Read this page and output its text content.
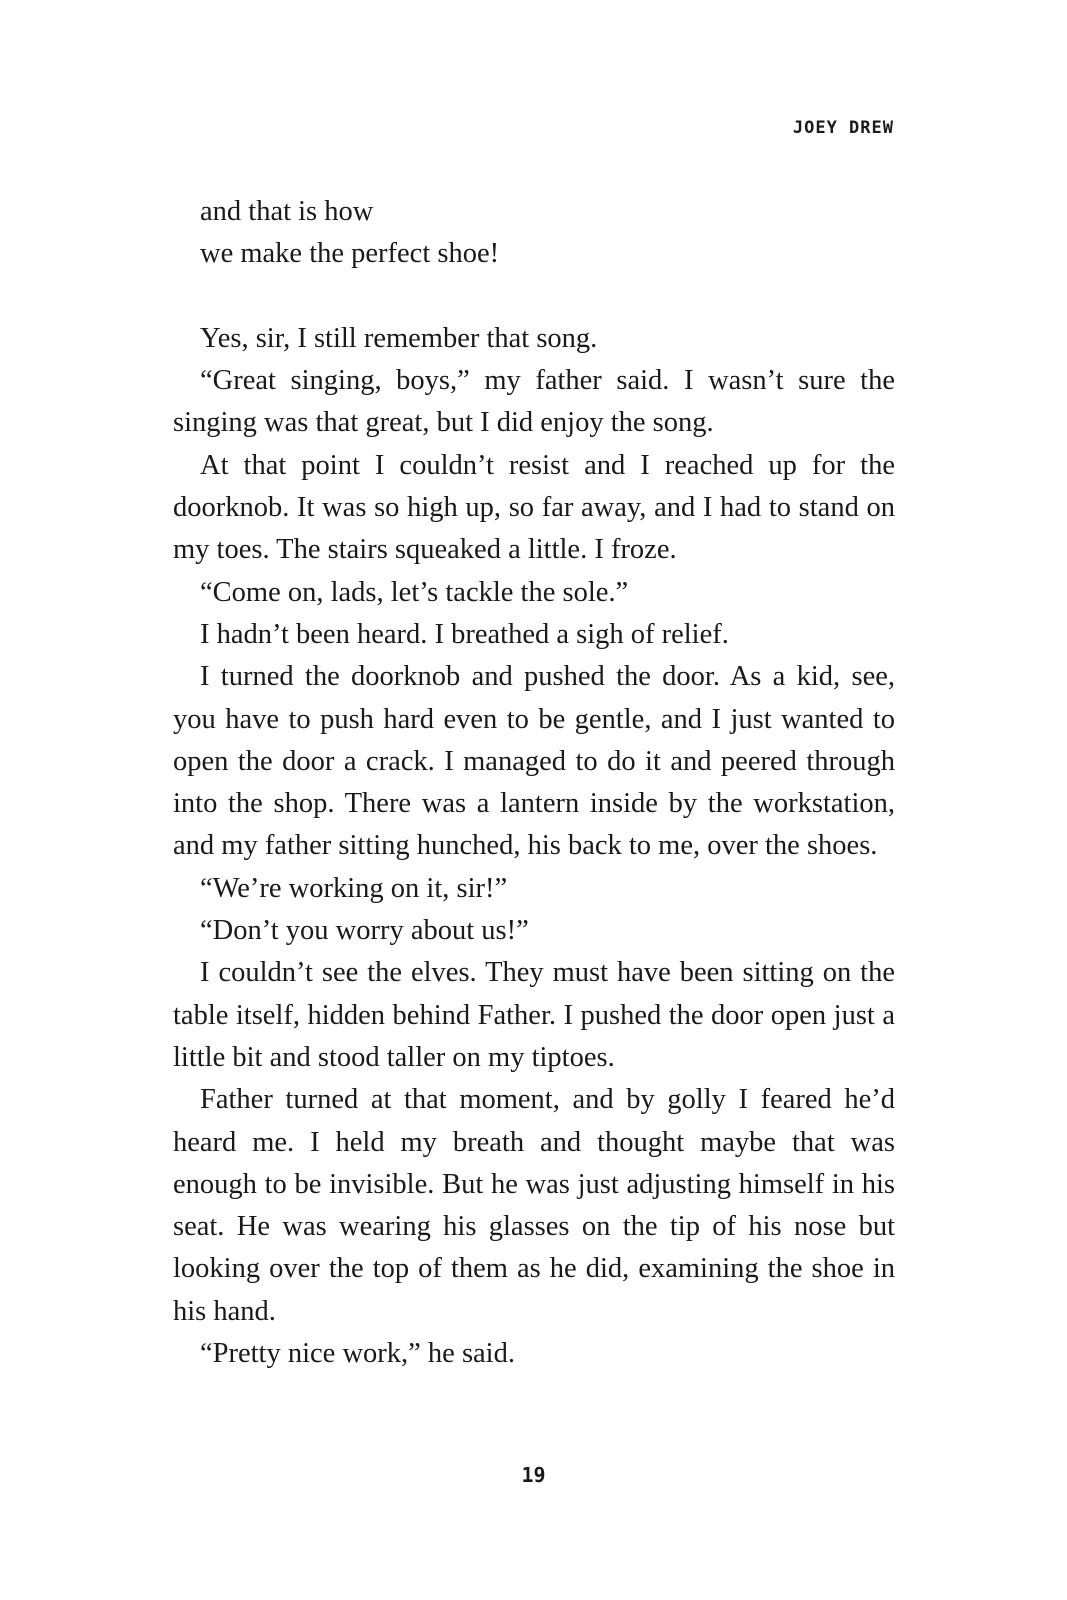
JOEY DREW
and that is how
we make the perfect shoe!

Yes, sir, I still remember that song.

“Great singing, boys,” my father said. I wasn’t sure the singing was that great, but I did enjoy the song.

At that point I couldn’t resist and I reached up for the doorknob. It was so high up, so far away, and I had to stand on my toes. The stairs squeaked a little. I froze.

“Come on, lads, let’s tackle the sole.”

I hadn’t been heard. I breathed a sigh of relief.

I turned the doorknob and pushed the door. As a kid, see, you have to push hard even to be gentle, and I just wanted to open the door a crack. I managed to do it and peered through into the shop. There was a lantern inside by the workstation, and my father sitting hunched, his back to me, over the shoes.

“We’re working on it, sir!”

“Don’t you worry about us!”

I couldn’t see the elves. They must have been sitting on the table itself, hidden behind Father. I pushed the door open just a little bit and stood taller on my tiptoes.

Father turned at that moment, and by golly I feared he’d heard me. I held my breath and thought maybe that was enough to be invisible. But he was just adjusting himself in his seat. He was wearing his glasses on the tip of his nose but looking over the top of them as he did, examining the shoe in his hand.

“Pretty nice work,” he said.

19
